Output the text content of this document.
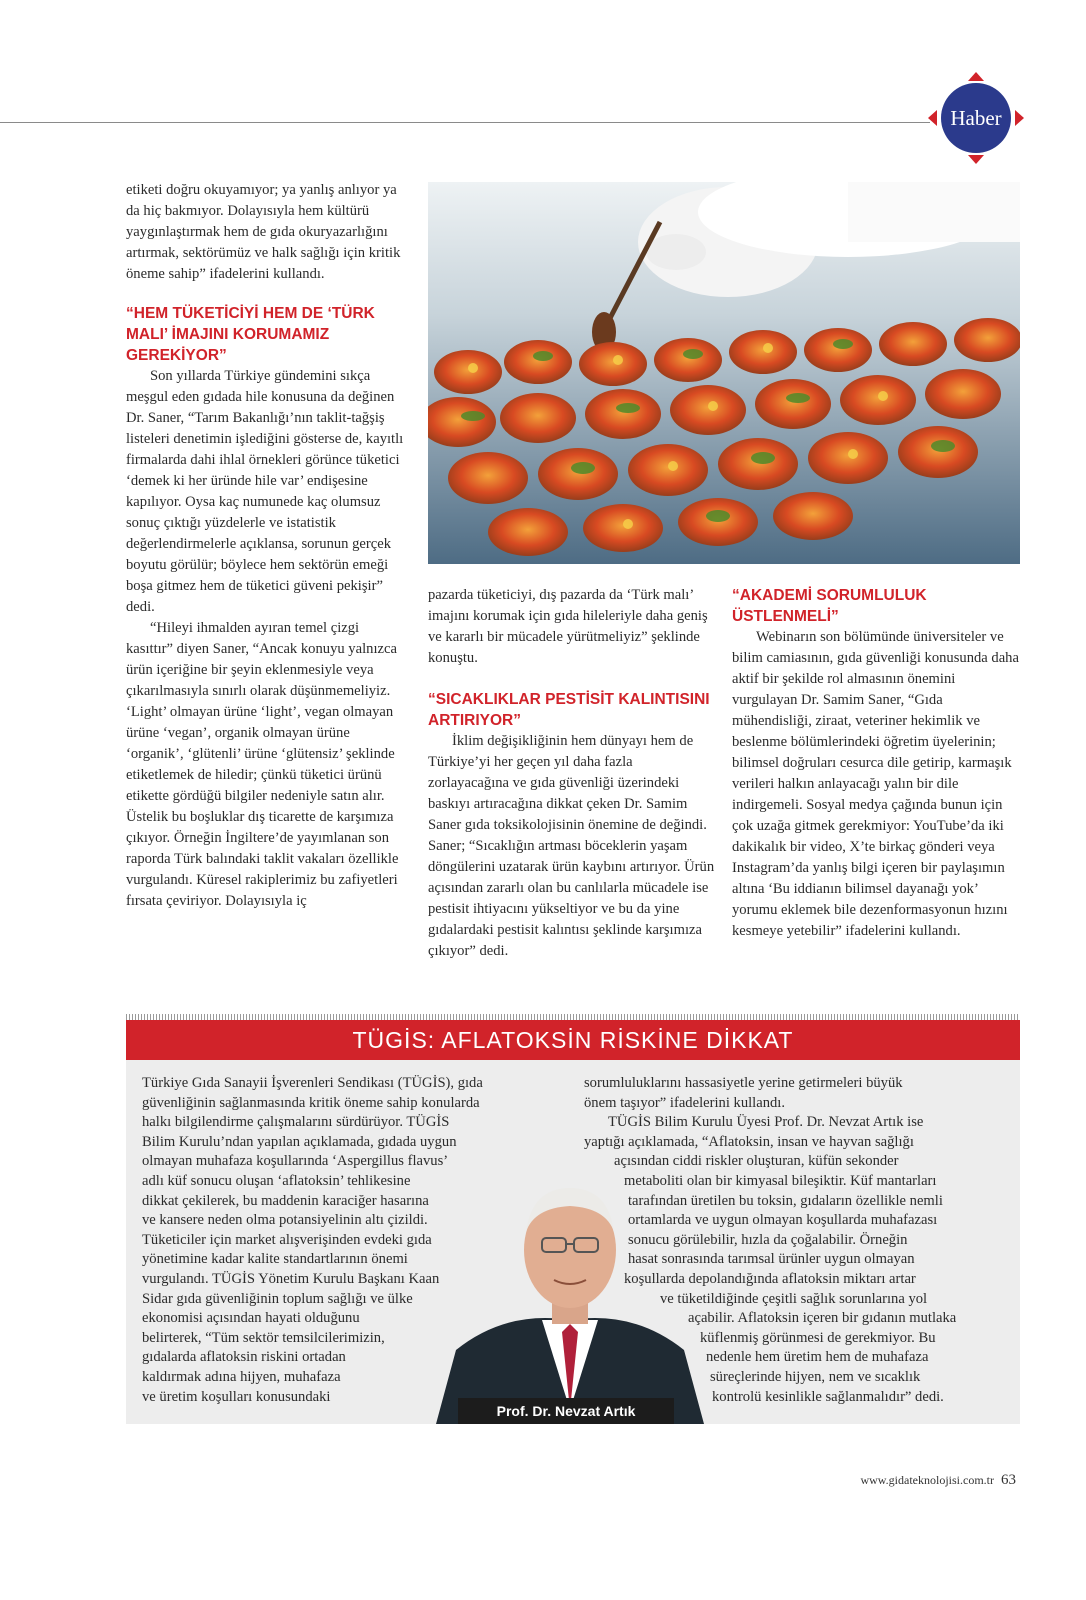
Haber

etiketi doğru okuyamıyor; ya yanlış anlıyor ya da hiç bakmıyor. Dolayısıyla hem kültürü yaygınlaştırmak hem de gıda okuryazarlığını artırmak, sektörümüz ve halk sağlığı için kritik öneme sahip” ifadelerini kullandı.

“HEM TÜKETİCİYİ HEM DE ‘TÜRK MALI’ İMAJINI KORUMAMIZ GEREKİYOR”

Son yıllarda Türkiye gündemini sıkça meşgul eden gıdada hile konusuna da değinen Dr. Saner, “Tarım Bakanlığı’nın taklit-tağşiş listeleri denetimin işlediğini gösterse de, kayıtlı firmalarda dahi ihlal örnekleri görünce tüketici ‘demek ki her üründe hile var’ endişesine kapılıyor. Oysa kaç numunede kaç olumsuz sonuç çıktığı yüzdelerle ve istatistik değerlendirmelerle açıklansa, sorunun gerçek boyutu görülür; böylece hem sektörün emeği boşa gitmez hem de tüketici güveni pekişir” dedi.

“Hileyi ihmalden ayıran temel çizgi kasıttır” diyen Saner, “Ancak konuyu yalnızca ürün içeriğine bir şeyin eklenmesiyle veya çıkarılmasıyla sınırlı olarak düşünmemeliyiz. ‘Light’ olmayan ürüne ‘light’, vegan olmayan ürüne ‘vegan’, organik olmayan ürüne ‘organik’, ‘glütenli’ ürüne ‘glütensiz’ şeklinde etiketlemek de hiledir; çünkü tüketici ürünü etikette gördüğü bilgiler nedeniyle satın alır. Üstelik bu boşluklar dış ticarette de karşımıza çıkıyor. Örneğin İngiltere’de yayımlanan son raporda Türk balındaki taklit vakaları özellikle vurgulandı. Küresel rakiplerimiz bu zafiyetleri fırsata çeviriyor. Dolayısıyla iç

pazarda tüketiciyi, dış pazarda da ‘Türk malı’ imajını korumak için gıda hileleriyle daha geniş ve kararlı bir mücadele yürütmeliyiz” şeklinde konuştu.

“SICAKLIKLAR PESTİSİT KALINTISINI ARTIRIYOR”

İklim değişikliğinin hem dünyayı hem de Türkiye’yi her geçen yıl daha fazla zorlayacağına ve gıda güvenliği üzerindeki baskıyı artıracağına dikkat çeken Dr. Samim Saner gıda toksikolojisinin önemine de değindi. Saner; “Sıcaklığın artması böceklerin yaşam döngülerini uzatarak ürün kaybını artırıyor. Ürün açısından zararlı olan bu canlılarla mücadele ise pestisit ihtiyacını yükseltiyor ve bu da yine gıdalardaki pestisit kalıntısı şeklinde karşımıza çıkıyor” dedi.

“AKADEMİ SORUMLULUK ÜSTLENMELİ”

Webinarın son bölümünde üniversiteler ve bilim camiasının, gıda güvenliği konusunda daha aktif bir şekilde rol almasının önemini vurgulayan Dr. Samim Saner, “Gıda mühendisliği, ziraat, veteriner hekimlik ve beslenme bölümlerindeki öğretim üyelerinin; bilimsel doğruları cesurca dile getirip, karmaşık verileri halkın anlayacağı yalın bir dile indirgemeli. Sosyal medya çağında bunun için çok uzağa gitmek gerekmiyor: YouTube’da iki dakikalık bir video, X’te birkaç gönderi veya Instagram’da yanlış bilgi içeren bir paylaşımın altına ‘Bu iddianın bilimsel dayanağı yok’ yorumu eklemek bile dezenformasyonun hızını kesmeye yetebilir” ifadelerini kullandı.

TÜGİS: AFLATOKSİN RİSKİNE DİKKAT
Türkiye Gıda Sanayii İşverenleri Sendikası (TÜGİS), gıda
güvenliğinin sağlanmasında kritik öneme sahip konularda
halkı bilgilendirme çalışmalarını sürdürüyor. TÜGİS
Bilim Kurulu’ndan yapılan açıklamada, gıdada uygun
olmayan muhafaza koşullarında ‘Aspergillus flavus’
adlı küf sonucu oluşan ‘aflatoksin’ tehlikesine
dikkat çekilerek, bu maddenin karaciğer hasarına
ve kansere neden olma potansiyelinin altı çizildi.
Tüketiciler için market alışverişinden evdeki gıda
yönetimine kadar kalite standartlarının önemi
vurgulandı. TÜGİS Yönetim Kurulu Başkanı Kaan
Sidar gıda güvenliğinin toplum sağlığı ve ülke
ekonomisi açısından hayati olduğunu
belirterek, “Tüm sektör temsilcilerimizin,
gıdalarda aflatoksin riskini ortadan
kaldırmak adına hijyen, muhafaza
ve üretim koşulları konusundaki
sorumluluklarını hassasiyetle yerine getirmeleri büyük
önem taşıyor” ifadelerini kullandı.
TÜGİS Bilim Kurulu Üyesi Prof. Dr. Nevzat Artık ise
yaptığı açıklamada, “Aflatoksin, insan ve hayvan sağlığı
açısından ciddi riskler oluşturan, küfün sekonder
metaboliti olan bir kimyasal bileşiktir. Küf mantarları
tarafından üretilen bu toksin, gıdaların özellikle nemli
ortamlarda ve uygun olmayan koşullarda muhafazası
sonucu görülebilir, hızla da çoğalabilir. Örneğin
hasat sonrasında tarımsal ürünler uygun olmayan
koşullarda depolandığında aflatoksin miktarı artar
ve tüketildiğinde çeşitli sağlık sorunlarına yol
açabilir. Aflatoksin içeren bir gıdanın mutlaka
küflenmiş görünmesi de gerekmiyor. Bu
nedenle hem üretim hem de muhafaza
süreçlerinde hijyen, nem ve sıcaklık
kontrolü kesinlikle sağlanmalıdır” dedi.
Prof. Dr. Nevzat Artık
www.gidateknolojisi.com.tr 63
